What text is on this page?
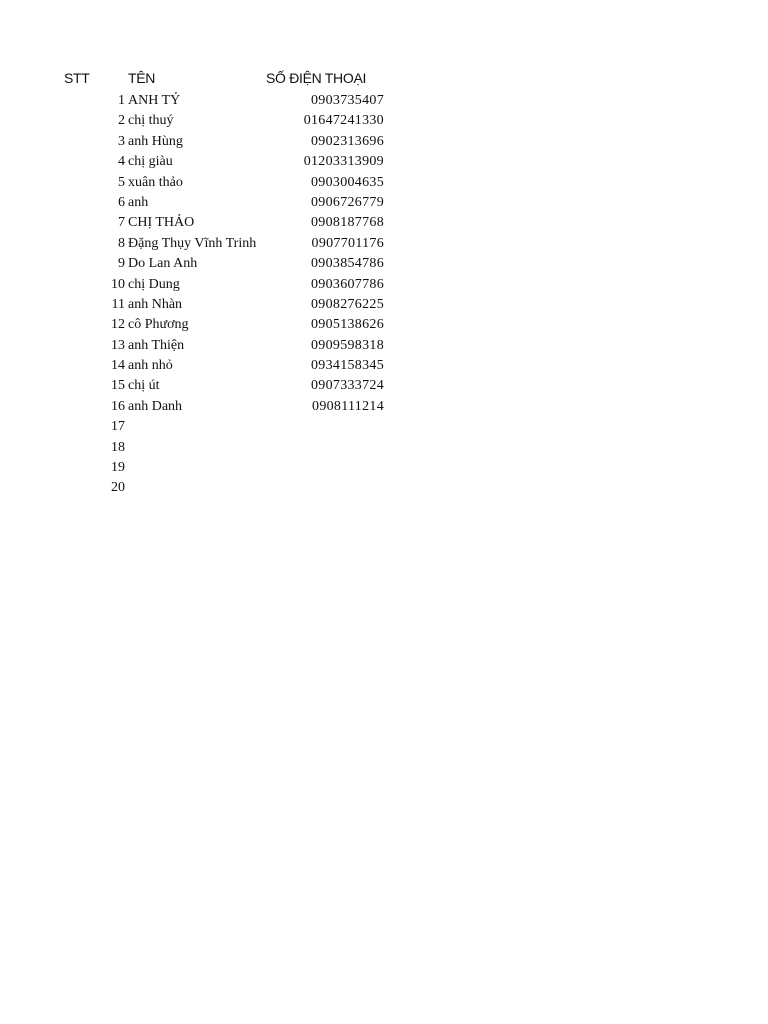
STT	TÊN	SỐ ĐIỆN THOẠI
1 ANH TỶ	0903735407
2 chị thuý	01647241330
3 anh Hùng	0902313696
4 chị giàu	01203313909
5 xuân thảo	0903004635
6 anh	0906726779
7 CHỊ THẢO	0908187768
8 Đặng Thụy Vĩnh Trinh	0907701176
9 Do Lan Anh	0903854786
10 chị Dung	0903607786
11 anh Nhàn	0908276225
12 cô Phương	0905138626
13 anh Thiện	0909598318
14 anh nhỏ	0934158345
15 chị út	0907333724
16 anh Danh	0908111214
17
18
19
20
